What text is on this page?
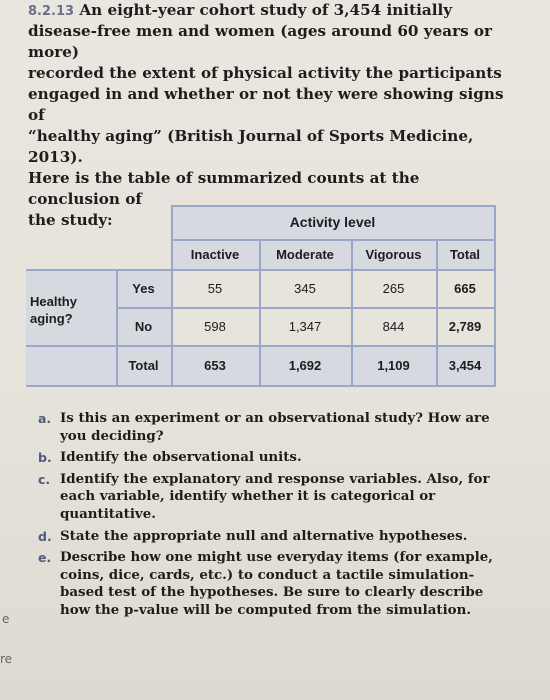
8.2.13 An eight-year cohort study of 3,454 initially
disease-free men and women (ages around 60 years or more)
recorded the extent of physical activity the participants
engaged in and whether or not they were showing signs of
“healthy aging” (British Journal of Sports Medicine, 2013).
Here is the table of summarized counts at the conclusion of
the study:	Activity level
Inactive	Moderate	Vigorous	Total
Healthy aging?
Yes	55	345	265	665
No	598	1,347	844	2,789
Total	653	1,692	1,109	3,454
a. Is this an experiment or an observational study? How are you deciding?
b. Identify the observational units.
c. Identify the explanatory and response variables. Also, for each variable, identify whether it is categorical or quantitative.
d. State the appropriate null and alternative hypotheses.
e. Describe how one might use everyday items (for example, coins, dice, cards, etc.) to conduct a tactile simulation-based test of the hypotheses. Be sure to clearly describe how the p-value will be computed from the simulation.
e
re
